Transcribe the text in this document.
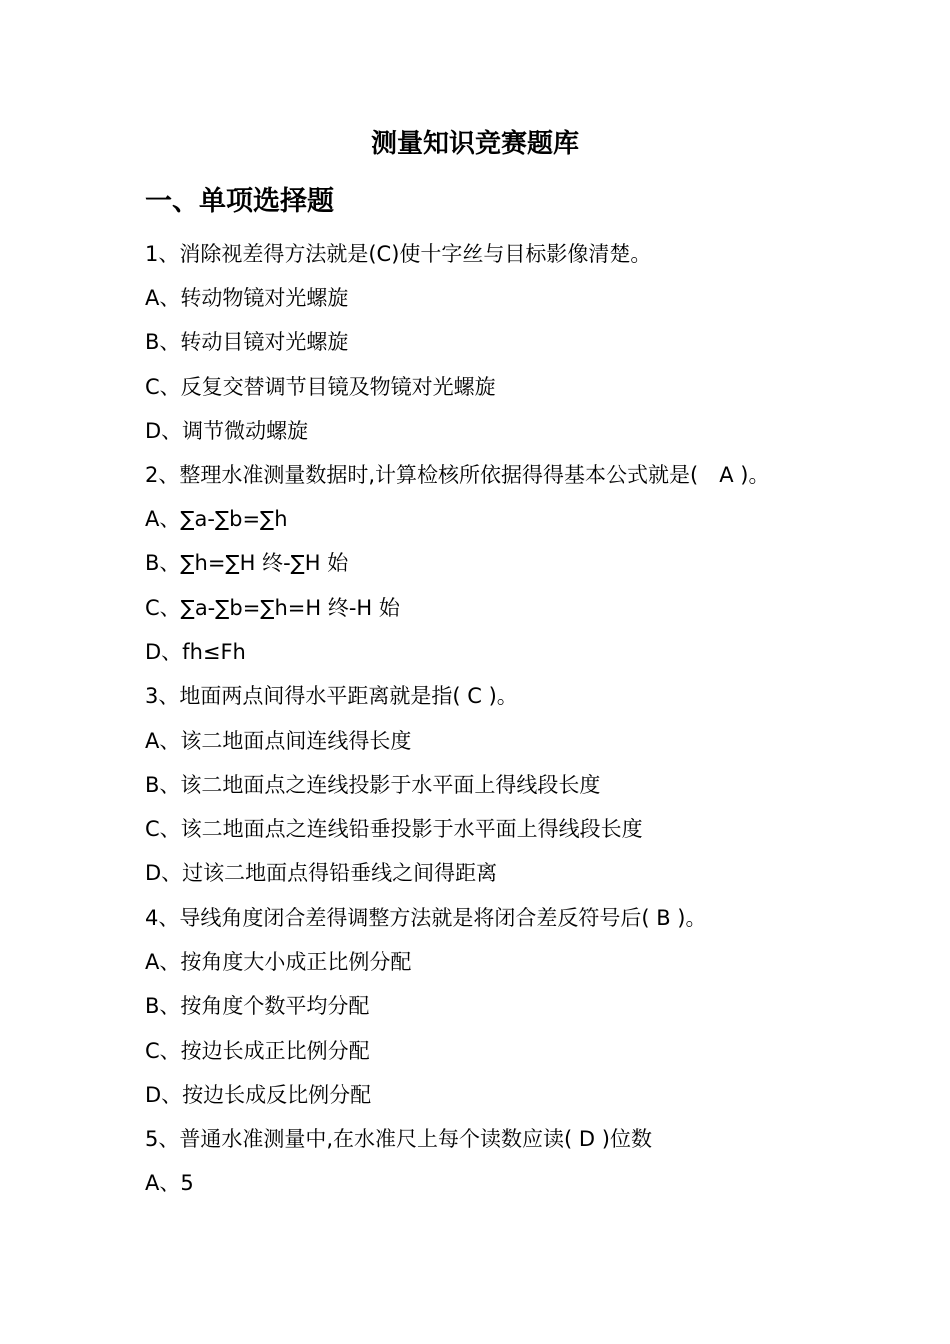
测量知识竞赛题库
一、单项选择题
1、消除视差得方法就是(C)使十字丝与目标影像清楚。
A、转动物镜对光螺旋
B、转动目镜对光螺旋
C、反复交替调节目镜及物镜对光螺旋
D、调节微动螺旋
2、整理水准测量数据时,计算检核所依据得得基本公式就是(　A )。
A、∑a-∑b=∑h
B、∑h=∑H 终-∑H 始
C、∑a-∑b=∑h=H 终-H 始
D、fh≤Fh
3、地面两点间得水平距离就是指( C )。
A、该二地面点间连线得长度
B、该二地面点之连线投影于水平面上得线段长度
C、该二地面点之连线铅垂投影于水平面上得线段长度
D、过该二地面点得铅垂线之间得距离
4、导线角度闭合差得调整方法就是将闭合差反符号后( B )。
A、按角度大小成正比例分配
B、按角度个数平均分配
C、按边长成正比例分配
D、按边长成反比例分配
5、普通水准测量中,在水准尺上每个读数应读( D )位数
A、5
